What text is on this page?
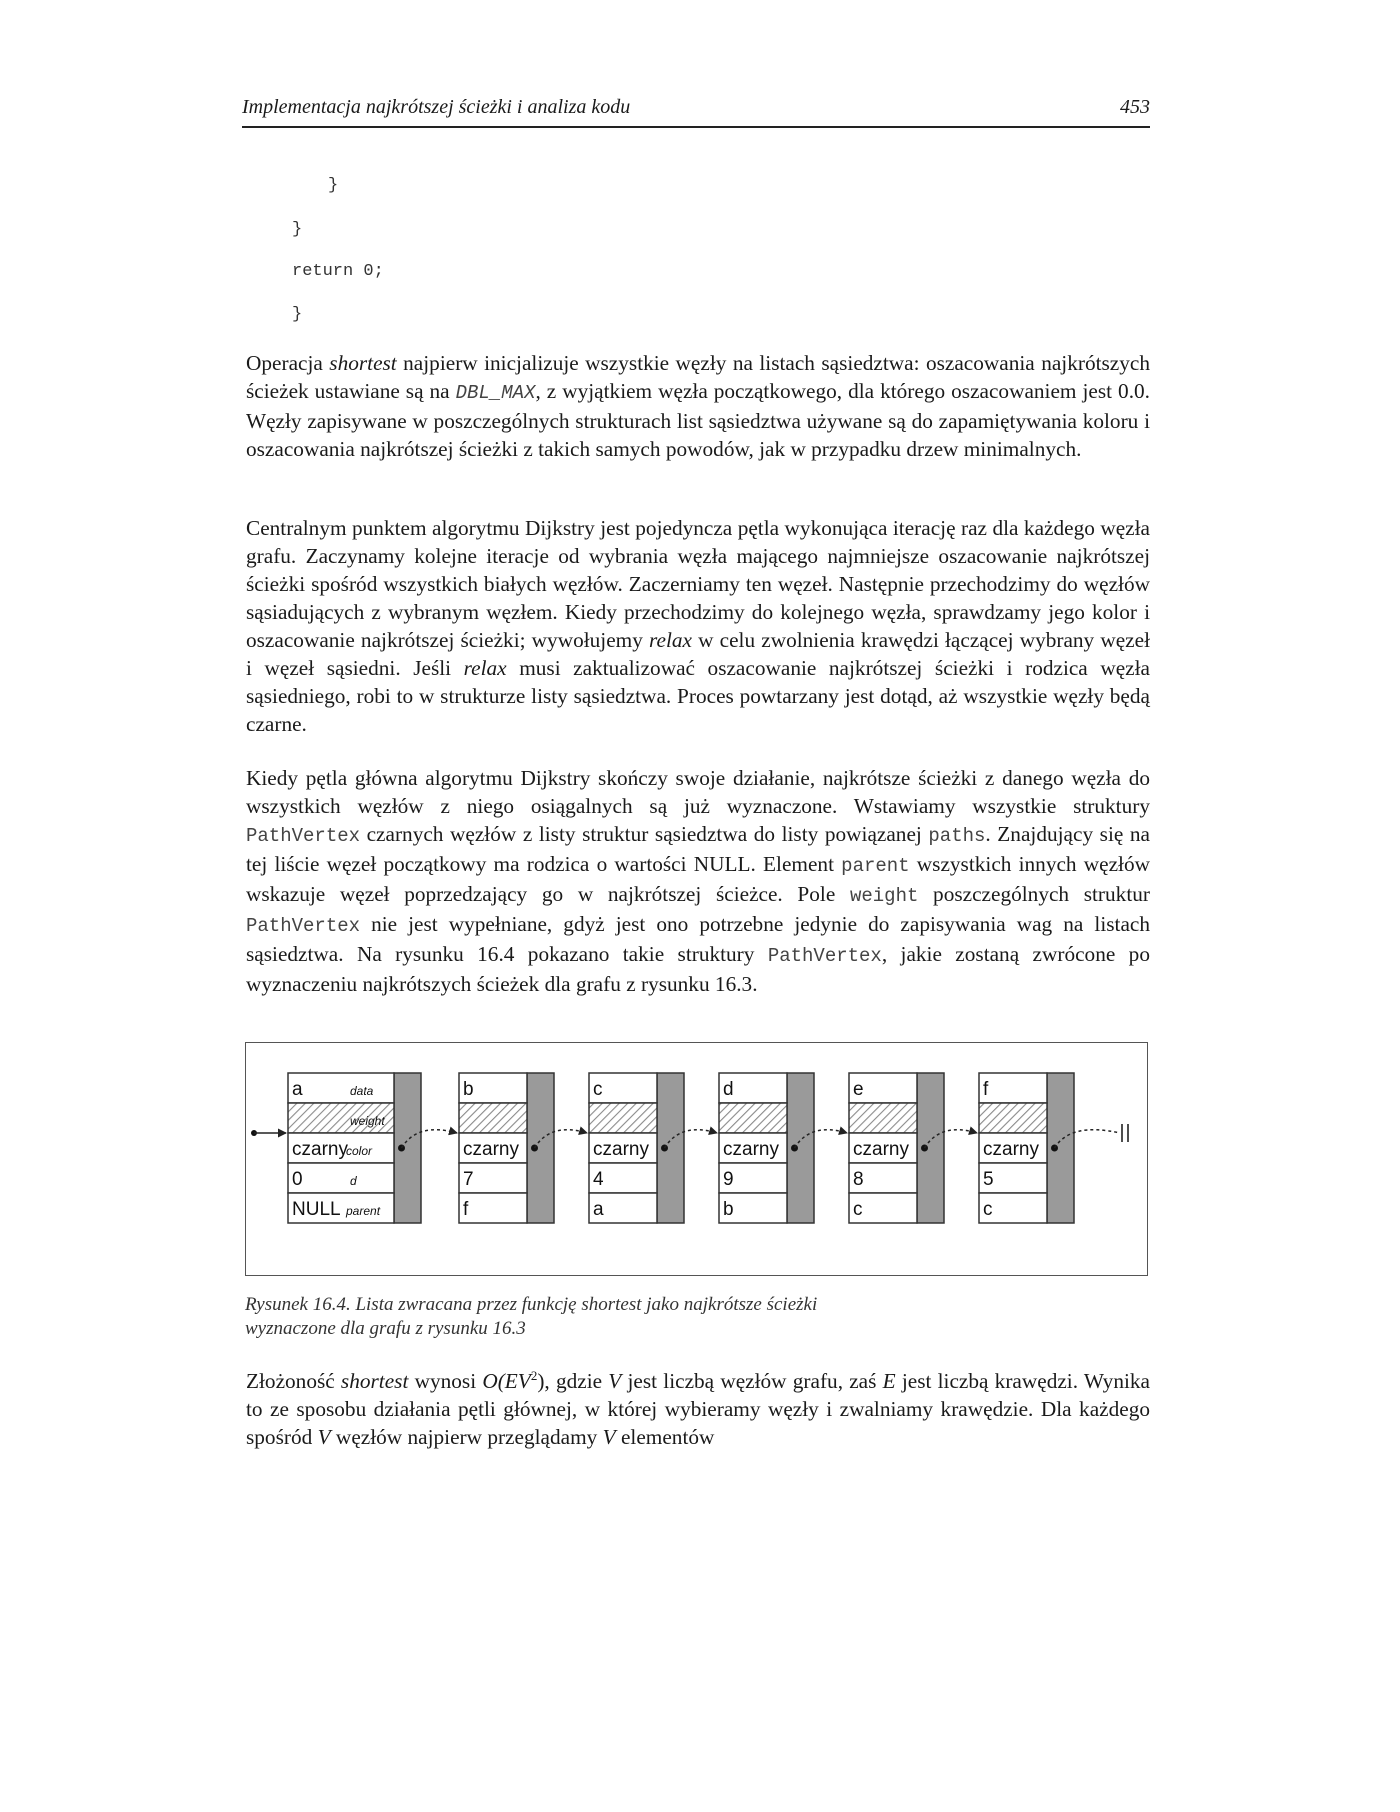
Implementacja najkrótszej ścieżki i analiza kodu	453
}
}
return 0;
}
Operacja shortest najpierw inicjalizuje wszystkie węzły na listach sąsiedztwa: oszacowania najkrótszych ścieżek ustawiane są na DBL_MAX, z wyjątkiem węzła początkowego, dla którego oszacowaniem jest 0.0. Węzły zapisywane w poszczególnych strukturach list sąsiedztwa używane są do zapamiętywania koloru i oszacowania najkrótszej ścieżki z takich samych powodów, jak w przypadku drzew minimalnych.
Centralnym punktem algorytmu Dijkstry jest pojedyncza pętla wykonująca iterację raz dla każdego węzła grafu. Zaczynamy kolejne iteracje od wybrania węzła mającego najmniejsze oszacowanie najkrótszej ścieżki spośród wszystkich białych węzłów. Zaczerniamy ten węzeł. Następnie przechodzimy do węzłów sąsiadujących z wybranym węzłem. Kiedy przechodzimy do kolejnego węzła, sprawdzamy jego kolor i oszacowanie najkrótszej ścieżki; wywołujemy relax w celu zwolnienia krawędzi łączącej wybrany węzeł i węzeł sąsiedni. Jeśli relax musi zaktualizować oszacowanie najkrótszej ścieżki i rodzica węzła sąsiedniego, robi to w strukturze listy sąsiedztwa. Proces powtarzany jest dotąd, aż wszystkie węzły będą czarne.
Kiedy pętla główna algorytmu Dijkstry skończy swoje działanie, najkrótsze ścieżki z danego węzła do wszystkich węzłów z niego osiągalnych są już wyznaczone. Wstawiamy wszystkie struktury PathVertex czarnych węzłów z listy struktur sąsiedztwa do listy powiązanej paths. Znajdujący się na tej liście węzeł początkowy ma rodzica o wartości NULL. Element parent wszystkich innych węzłów wskazuje węzeł poprzedzający go w najkrótszej ścieżce. Pole weight poszczególnych struktur PathVertex nie jest wypełniane, gdyż jest ono potrzebne jedynie do zapisywania wag na listach sąsiedztwa. Na rysunku 16.4 pokazano takie struktury PathVertex, jakie zostaną zwrócone po wyznaczeniu najkrótszych ścieżek dla grafu z rysunku 16.3.
a	data
weight
czarny
color
0	d
NULL parent
b
czarny
7
f
c
czarny
4
a
d
czarny
9
b
e
czarny
8
c
f
czarny
5
c
Rysunek 16.4. Lista zwracana przez funkcję shortest jako najkrótsze ścieżki
wyznaczone dla grafu z rysunku 16.3
Złożoność shortest wynosi $O(EV^2)$, gdzie V jest liczbą węzłów grafu, zaś E jest liczbą krawędzi. Wynika to ze sposobu działania pętli głównej, w której wybieramy węzły i zwalniamy krawędzie. Dla każdego spośród V węzłów najpierw przeglądamy V elementów
